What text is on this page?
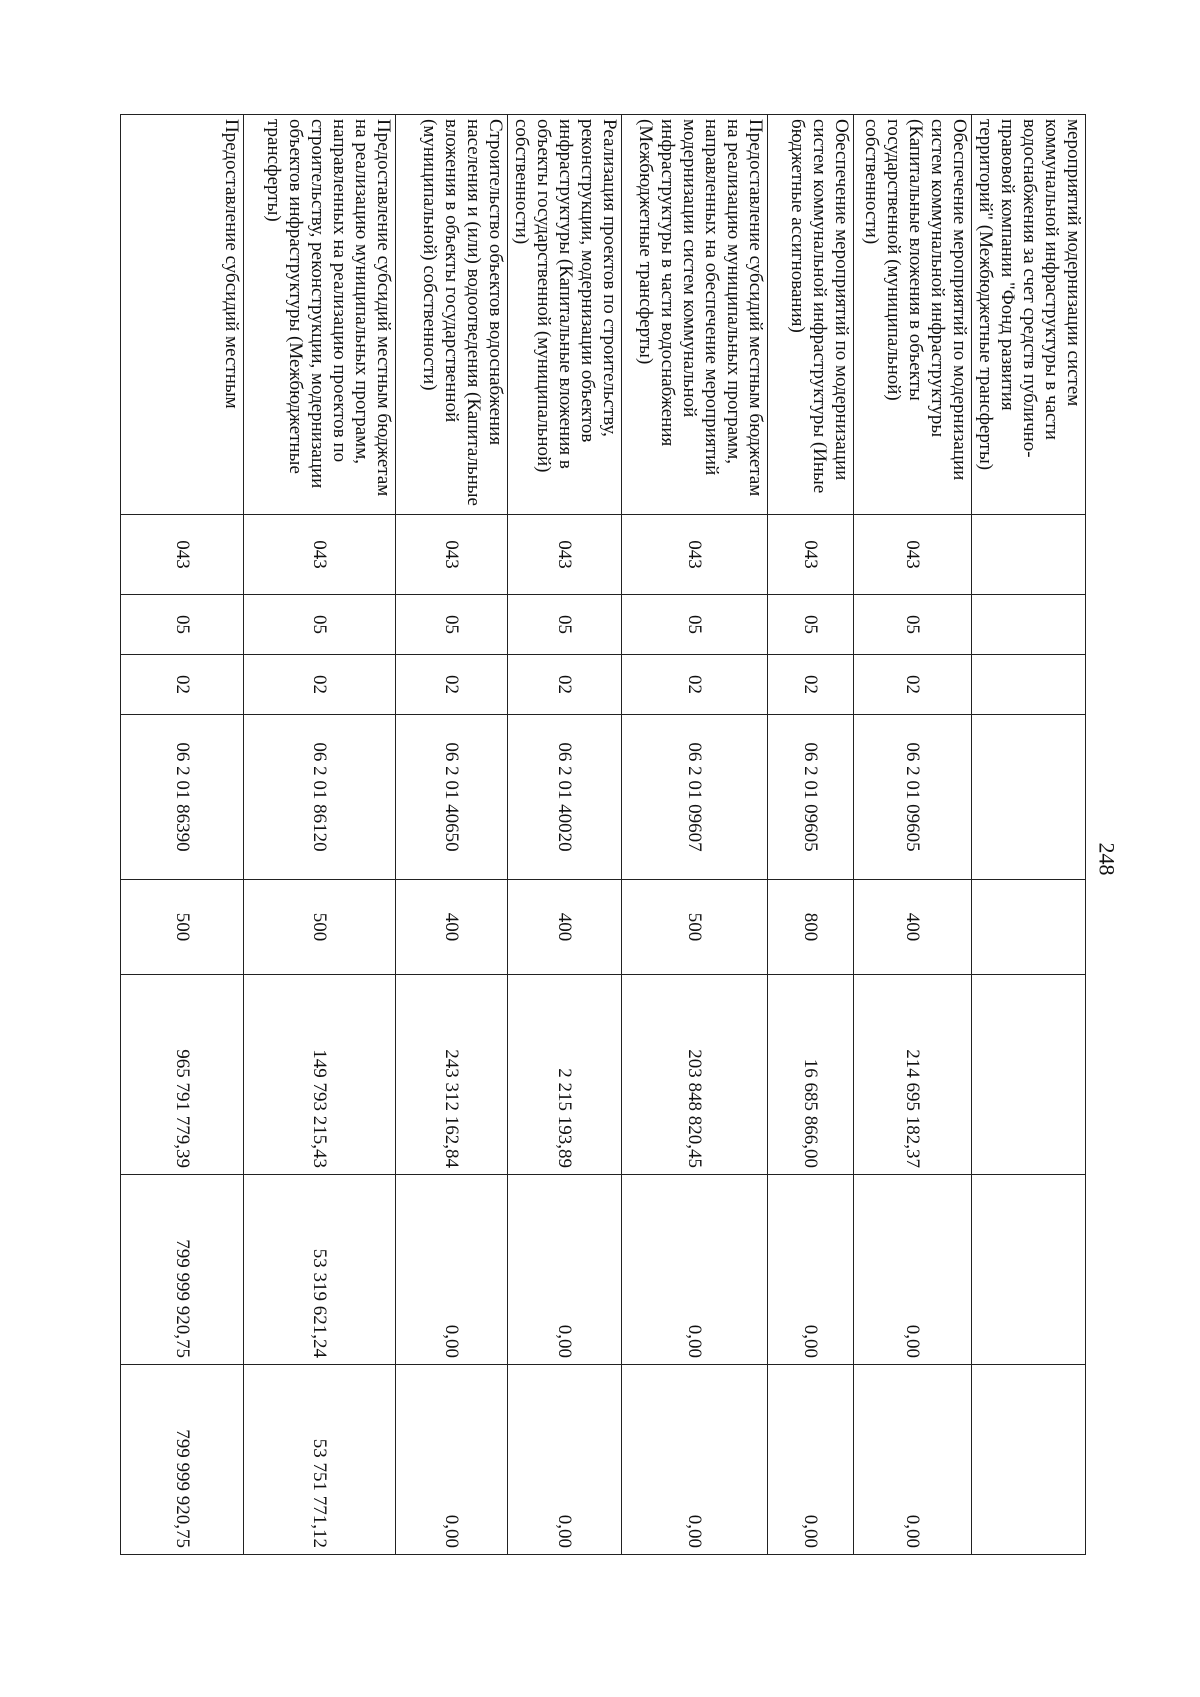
248
мероприятий модернизации систем коммунальной инфраструктуры в части водоснабжения за счет средств публично-правовой компании "Фонд развития территорий" (Межбюджетные трансферты)								
Обеспечение мероприятий по модернизации систем коммунальной инфраструктуры (Капитальные вложения в объекты государственной (муниципальной) собственности)	043	05	02	06 2 01 09605	400	214 695 182,37	0,00	0,00
Обеспечение мероприятий по модернизации систем коммунальной инфраструктуры (Иные бюджетные ассигнования)	043	05	02	06 2 01 09605	800	16 685 866,00	0,00	0,00
Предоставление субсидий местным бюджетам на реализацию муниципальных программ, направленных на обеспечение мероприятий модернизации систем коммунальной инфраструктуры в части водоснабжения (Межбюджетные трансферты)	043	05	02	06 2 01 09607	500	203 848 820,45	0,00	0,00
Реализация проектов по строительству, реконструкции, модернизации объектов инфраструктуры (Капитальные вложения в объекты государственной (муниципальной) собственности)	043	05	02	06 2 01 40020	400	2 215 193,89	0,00	0,00
Строительство объектов водоснабжения населения и (или) водоотведения (Капитальные вложения в объекты государственной (муниципальной) собственности)	043	05	02	06 2 01 40650	400	243 312 162,84	0,00	0,00
Предоставление субсидий местным бюджетам на реализацию муниципальных программ, направленных на реализацию проектов по строительству, реконструкции, модернизации объектов инфраструктуры (Межбюджетные трансферты)	043	05	02	06 2 01 86120	500	149 793 215,43	53 319 621,24	53 751 771,12
Предоставление субсидий местным	043	05	02	06 2 01 86390	500	965 791 779,39	799 999 920,75	799 999 920,75
